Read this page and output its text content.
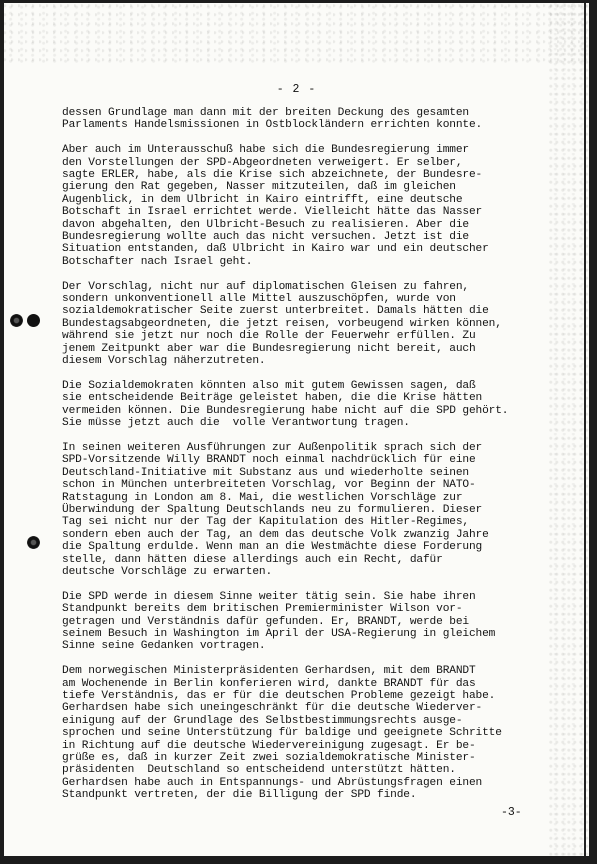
- 2 -
dessen Grundlage man dann mit der breiten Deckung des gesamten
Parlaments Handelsmissionen in Ostblockländern errichten konnte.
Aber auch im Unterausschuß habe sich die Bundesregierung immer
den Vorstellungen der SPD-Abgeordneten verweigert. Er selber,
sagte ERLER, habe, als die Krise sich abzeichnete, der Bundesre-
gierung den Rat gegeben, Nasser mitzuteilen, daß im gleichen
Augenblick, in dem Ulbricht in Kairo eintrifft, eine deutsche
Botschaft in Israel errichtet werde. Vielleicht hätte das Nasser
davon abgehalten, den Ulbricht-Besuch zu realisieren. Aber die
Bundesregierung wollte auch das nicht versuchen. Jetzt ist die
Situation entstanden, daß Ulbricht in Kairo war und ein deutscher
Botschafter nach Israel geht.
Der Vorschlag, nicht nur auf diplomatischen Gleisen zu fahren,
sondern unkonventionell alle Mittel auszuschöpfen, wurde von
sozialdemokratischer Seite zuerst unterbreitet. Damals hätten die
Bundestagsabgeordneten, die jetzt reisen, vorbeugend wirken können,
während sie jetzt nur noch die Rolle der Feuerwehr erfüllen. Zu
jenem Zeitpunkt aber war die Bundesregierung nicht bereit, auch
diesem Vorschlag näherzutreten.
Die Sozialdemokraten könnten also mit gutem Gewissen sagen, daß
sie entscheidende Beiträge geleistet haben, die die Krise hätten
vermeiden können. Die Bundesregierung habe nicht auf die SPD gehört.
Sie müsse jetzt auch die  volle Verantwortung tragen.
In seinen weiteren Ausführungen zur Außenpolitik sprach sich der
SPD-Vorsitzende Willy BRANDT noch einmal nachdrücklich für eine
Deutschland-Initiative mit Substanz aus und wiederholte seinen
schon in München unterbreiteten Vorschlag, vor Beginn der NATO-
Ratstagung in London am 8. Mai, die westlichen Vorschläge zur
Überwindung der Spaltung Deutschlands neu zu formulieren. Dieser
Tag sei nicht nur der Tag der Kapitulation des Hitler-Regimes,
sondern eben auch der Tag, an dem das deutsche Volk zwanzig Jahre
die Spaltung erdulde. Wenn man an die Westmächte diese Forderung
stelle, dann hätten diese allerdings auch ein Recht, dafür
deutsche Vorschläge zu erwarten.
Die SPD werde in diesem Sinne weiter tätig sein. Sie habe ihren
Standpunkt bereits dem britischen Premierminister Wilson vor-
getragen und Verständnis dafür gefunden. Er, BRANDT, werde bei
seinem Besuch in Washington im April der USA-Regierung in gleichem
Sinne seine Gedanken vortragen.
Dem norwegischen Ministerpräsidenten Gerhardsen, mit dem BRANDT
am Wochenende in Berlin konferieren wird, dankte BRANDT für das
tiefe Verständnis, das er für die deutschen Probleme gezeigt habe.
Gerhardsen habe sich uneingeschränkt für die deutsche Wiederver-
einigung auf der Grundlage des Selbstbestimmungsrechts ausge-
sprochen und seine Unterstützung für baldige und geeignete Schritte
in Richtung auf die deutsche Wiedervereinigung zugesagt. Er be-
grüße es, daß in kurzer Zeit zwei sozialdemokratische Minister-
präsidenten  Deutschland so entscheidend unterstützt hätten.
Gerhardsen habe auch in Entspannungs- und Abrüstungsfragen einen
Standpunkt vertreten, der die Billigung der SPD finde.
-3-
